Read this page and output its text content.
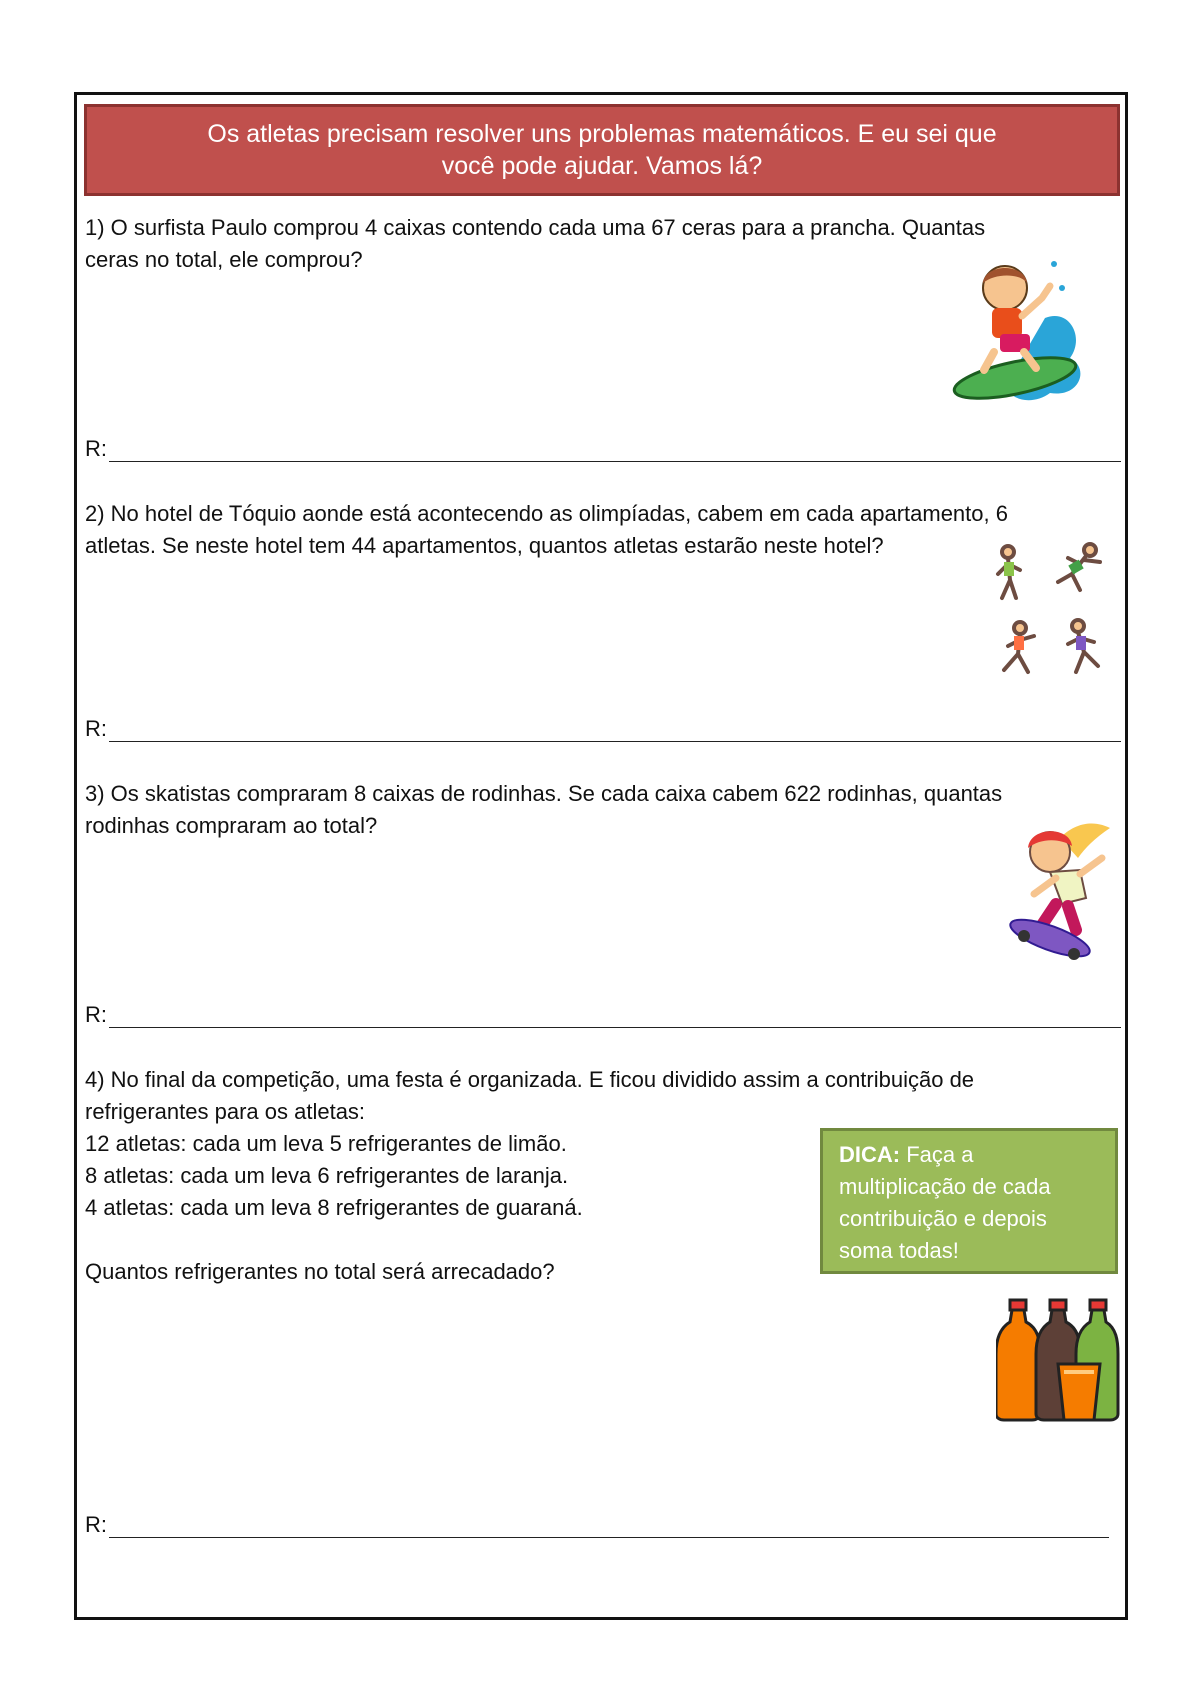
Os atletas precisam resolver uns problemas matemáticos. E eu sei que
você pode ajudar. Vamos lá?
1) O surfista Paulo comprou 4 caixas contendo cada uma 67 ceras para a prancha. Quantas
ceras no total, ele comprou?
R:
2) No hotel de Tóquio aonde está acontecendo as olimpíadas, cabem em cada apartamento, 6
atletas. Se neste hotel tem 44 apartamentos, quantos atletas estarão neste hotel?
R:
3) Os skatistas compraram 8 caixas de rodinhas. Se cada caixa cabem 622 rodinhas, quantas
rodinhas compraram ao total?
R:
4) No final da competição, uma festa é organizada. E ficou dividido assim a contribuição de
refrigerantes para os atletas:
12 atletas: cada um leva 5 refrigerantes de limão.
8 atletas: cada um leva 6 refrigerantes de laranja.
4 atletas: cada um leva 8 refrigerantes de guaraná.
Quantos refrigerantes no total será arrecadado?
DICA: Faça a
multiplicação de cada
contribuição e depois
soma todas!
R:
